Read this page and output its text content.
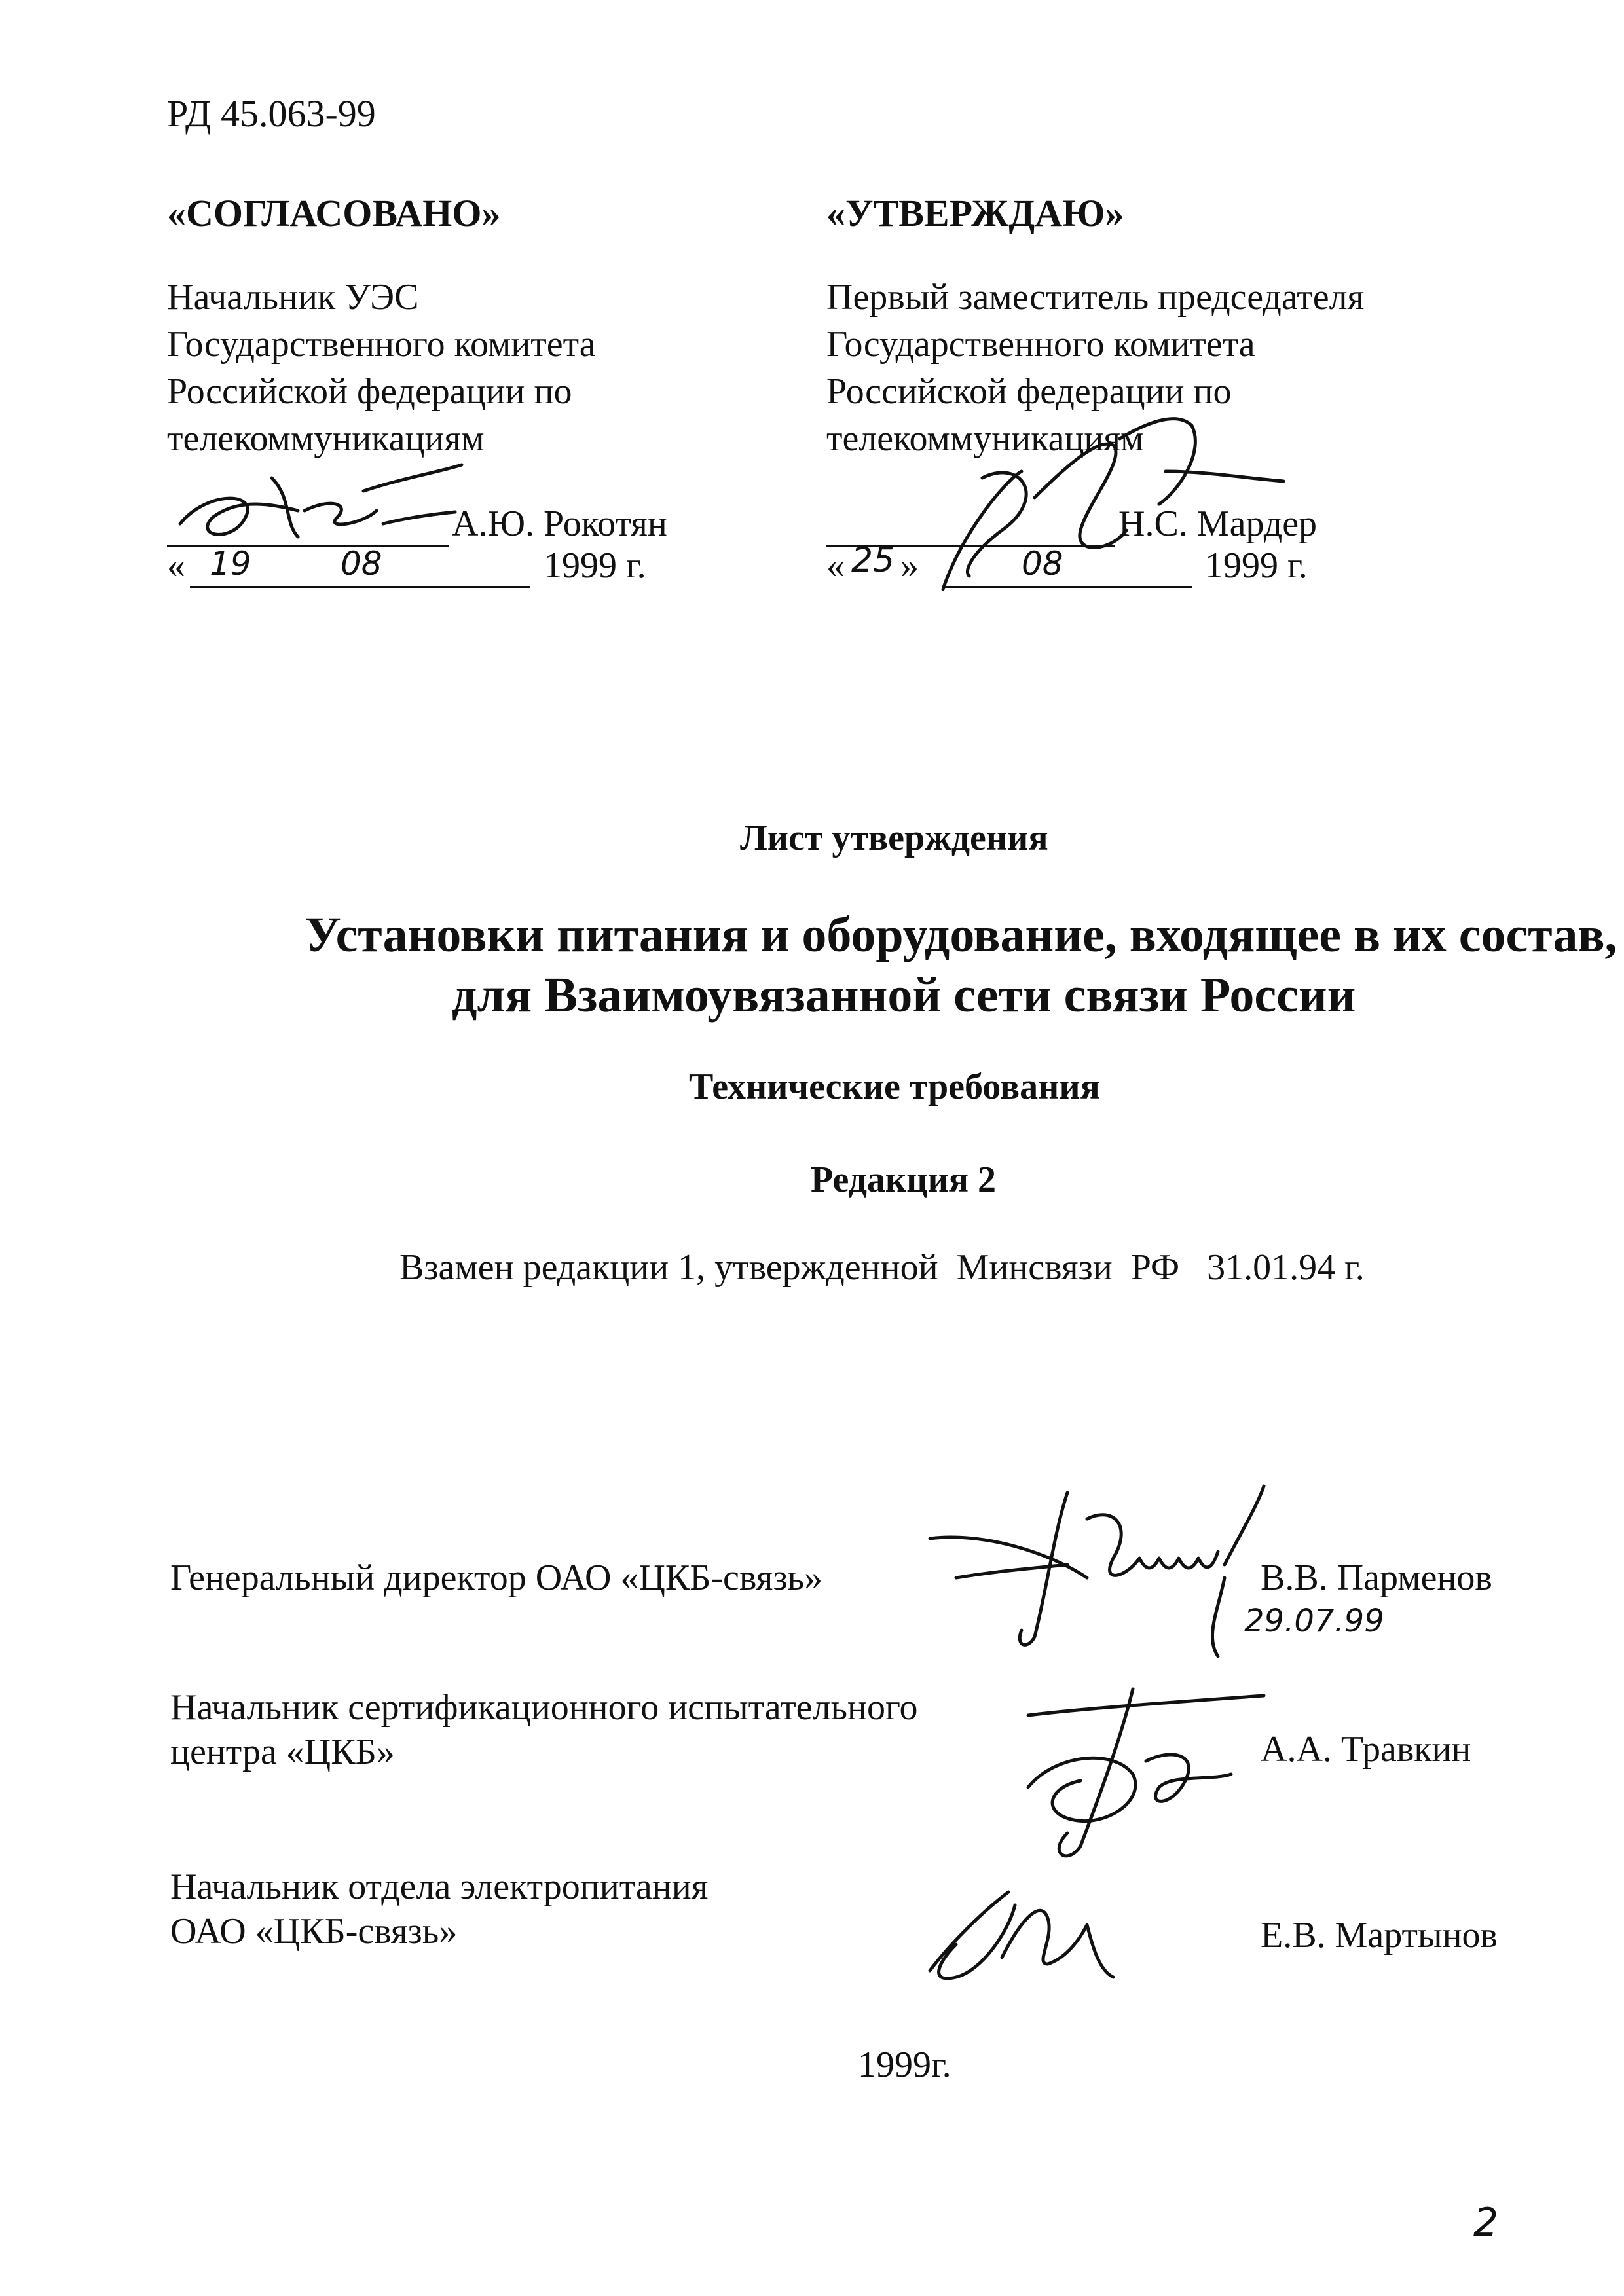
РД 45.063-99
«СОГЛАСОВАНО»
Начальник УЭС
Государственного комитета
Российской федерации по
телекоммуникациям
А.Ю. Рокотян
« 19	08	1999 г.
«УТВЕРЖДАЮ»
Первый заместитель председателя
Государственного комитета
Российской федерации по
телекоммуникациям
Н.С. Мардер
« 25 »	08	1999 г.
Лист утверждения
Установки питания и оборудование, входящее в их состав,
для Взаимоувязанной сети связи России
Технические требования
Редакция 2
Взамен редакции 1, утвержденной  Минсвязи  РФ   31.01.94 г.
Генеральный директор ОАО «ЦКБ-связь»	В.В. Парменов
29.07.99
Начальник сертификационного испытательного
центра «ЦКБ»	А.А. Травкин
Начальник отдела электропитания
ОАО «ЦКБ-связь»	Е.В. Мартынов
1999г.
2
